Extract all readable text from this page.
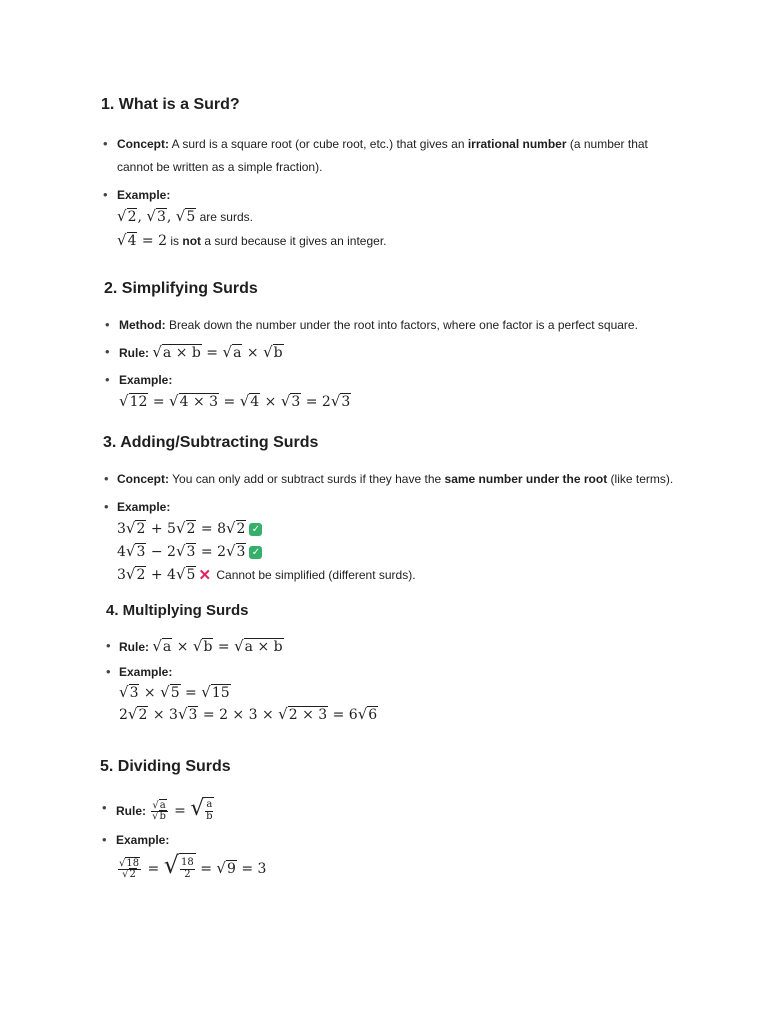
1. What is a Surd?
• Concept: A surd is a square root (or cube root, etc.) that gives an irrational number (a number that
cannot be written as a simple fraction).
• Example:
√2, √3, √5 are surds.
√4 = 2 is not a surd because it gives an integer.
2. Simplifying Surds
• Method: Break down the number under the root into factors, where one factor is a perfect square.
• Rule: √a × b = √a × √b
• Example:
√12 = √4 × 3 = √4 × √3 = 2√3
3. Adding/Subtracting Surds
• Concept: You can only add or subtract surds if they have the same number under the root (like terms).
• Example:
3√2 + 5√2 = 8√2 ✓
4√3 − 2√3 = 2√3 ✓
3√2 + 4√5 ✕ Cannot be simplified (different surds).
4. Multiplying Surds
• Rule: √a × √b = √a × b
• Example:
√3 × √5 = √15
2√2 × 3√3 = 2 × 3 × √2 × 3 = 6√6
5. Dividing Surds
• Rule: $\frac{√a}{√b}$ = √ $\frac{a}{b}$
• Example:
$\frac{√18}{√2}$ = √ $\frac{18}{2} = √9 = 3$
